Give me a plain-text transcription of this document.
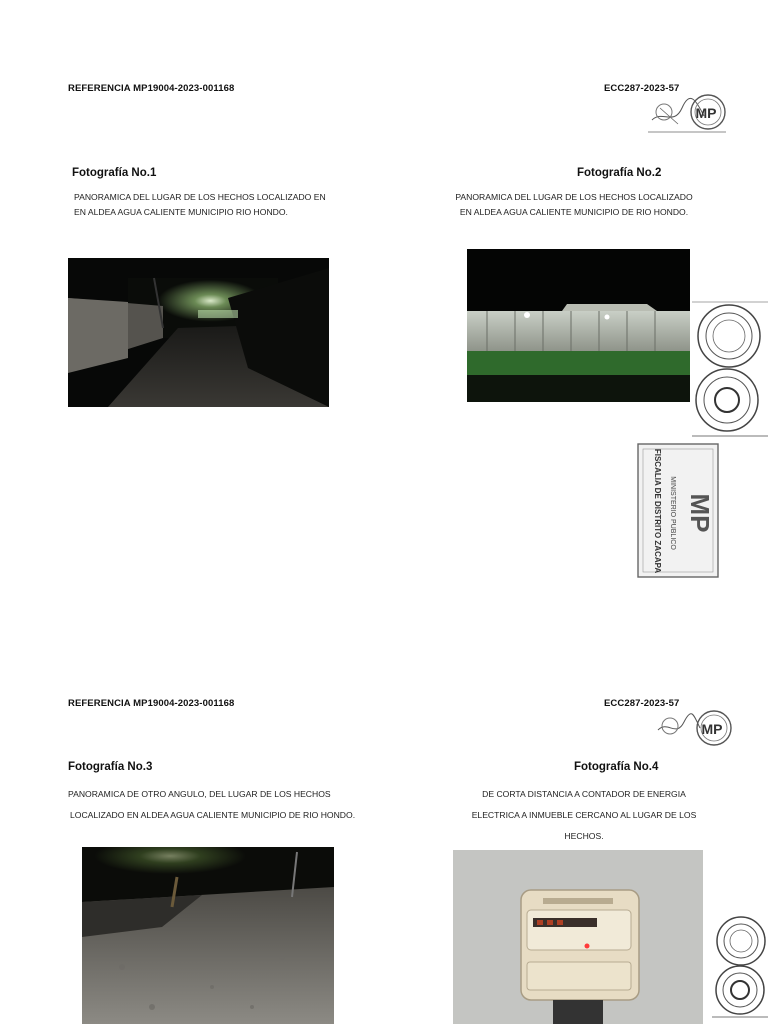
REFERENCIA MP19004-2023-001168	ECC287-2023-57
MP
Fotografía No.1
PANORAMICA DEL LUGAR DE LOS HECHOS LOCALIZADO EN
EN ALDEA AGUA CALIENTE MUNICIPIO RIO HONDO.
Fotografía No.2
PANORAMICA DEL LUGAR DE LOS HECHOS LOCALIZADO
EN ALDEA AGUA CALIENTE MUNICIPIO DE RIO HONDO.
MP
MINISTERIO PUBLICO
FISCALIA DE DISTRITO ZACAPA
REFERENCIA MP19004-2023-001168	ECC287-2023-57
MP
Fotografía No.3
PANORAMICA DE OTRO ANGULO, DEL LUGAR DE LOS HECHOS
LOCALIZADO EN ALDEA AGUA CALIENTE MUNICIPIO DE RIO HONDO.
Fotografía No.4
DE CORTA DISTANCIA A CONTADOR DE ENERGIA
ELECTRICA A INMUEBLE CERCANO AL LUGAR DE LOS
HECHOS.
